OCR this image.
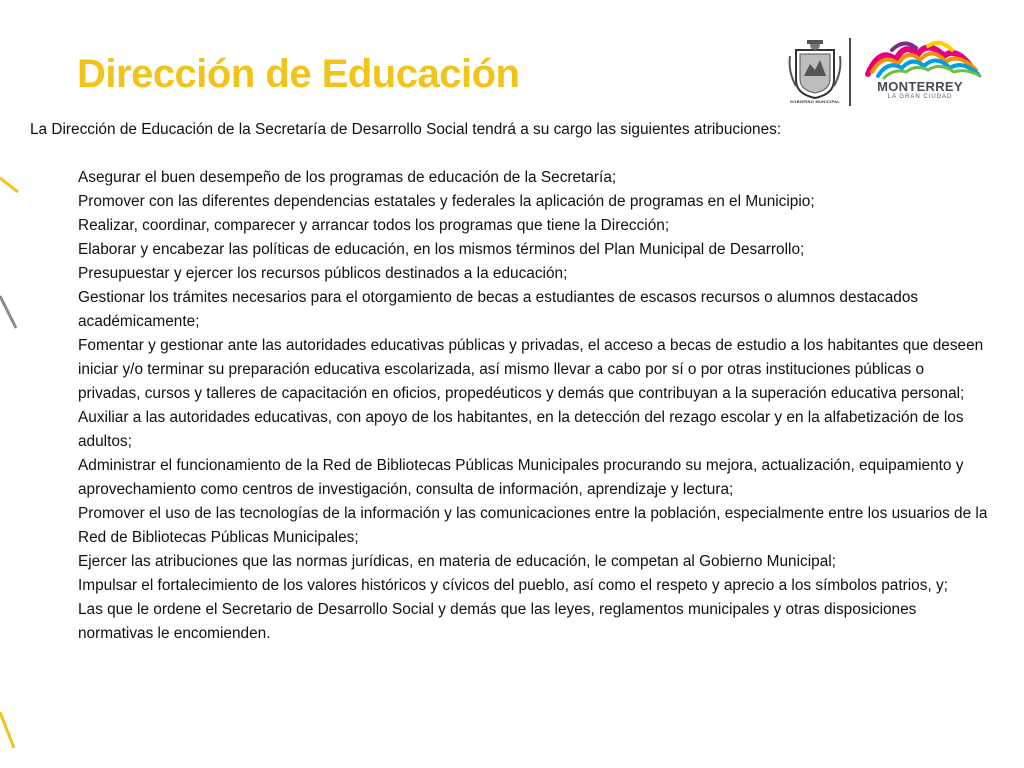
Dirección de Educación
GOBIERNO MUNICIPAL
MONTERREY
LA GRAN CIUDAD

La Dirección de Educación de la Secretaría de Desarrollo Social tendrá a su cargo las siguientes atribuciones:

Asegurar el buen desempeño de los programas de educación de la Secretaría;
Promover con las diferentes dependencias estatales y federales la aplicación de programas en el Municipio;
Realizar, coordinar, comparecer y arrancar todos los programas que tiene la Dirección;
Elaborar y encabezar las políticas de educación, en los mismos términos del Plan Municipal de Desarrollo;
Presupuestar y ejercer los recursos públicos destinados a la educación;
Gestionar los trámites necesarios para el otorgamiento de becas a estudiantes de escasos recursos o alumnos destacados académicamente;
Fomentar y gestionar ante las autoridades educativas públicas y privadas, el acceso a becas de estudio a los habitantes que deseen iniciar y/o terminar su preparación educativa escolarizada, así mismo llevar a cabo por sí o por otras instituciones públicas o privadas, cursos y talleres de capacitación en oficios, propedéuticos y demás que contribuyan a la superación educativa personal;
Auxiliar a las autoridades educativas, con apoyo de los habitantes, en la detección del rezago escolar y en la alfabetización de los adultos;
Administrar el funcionamiento de la Red de Bibliotecas Públicas Municipales procurando su mejora, actualización, equipamiento y aprovechamiento como centros de investigación, consulta de información, aprendizaje y lectura;
Promover el uso de las tecnologías de la información y las comunicaciones entre la población, especialmente entre los usuarios de la Red de Bibliotecas Públicas Municipales;
Ejercer las atribuciones que las normas jurídicas, en materia de educación, le competan al Gobierno Municipal;
Impulsar el fortalecimiento de los valores históricos y cívicos del pueblo, así como el respeto y aprecio a los símbolos patrios, y;
Las que le ordene el Secretario de Desarrollo Social y demás que las leyes, reglamentos municipales y otras disposiciones normativas le encomienden.
